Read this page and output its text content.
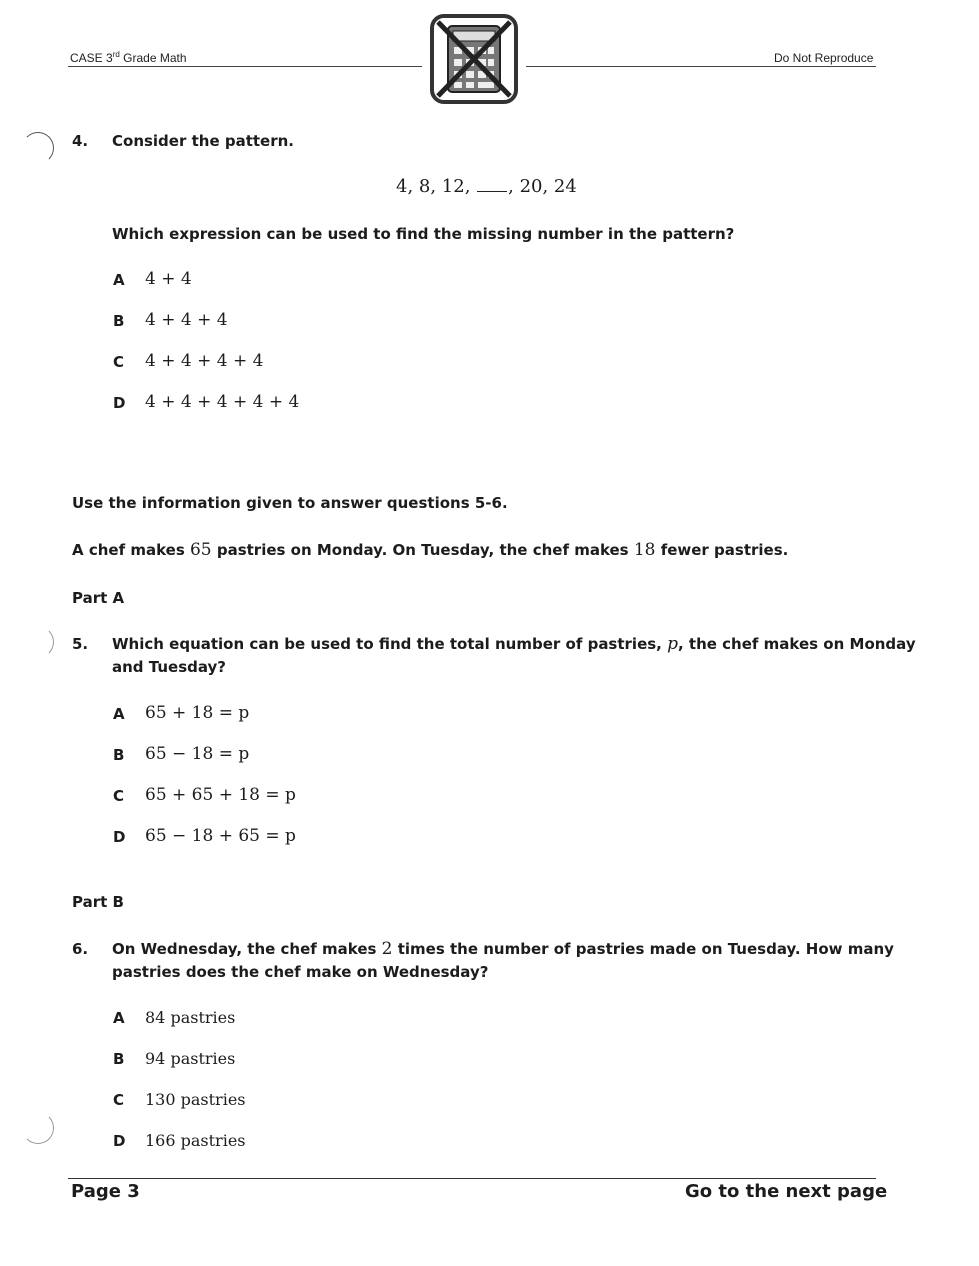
CASE 3rd Grade Math	Do Not Reproduce
4. Consider the pattern.
4, 8, 12, , 20, 24
Which expression can be used to find the missing number in the pattern?
A 4 + 4
B 4 + 4 + 4
C 4 + 4 + 4 + 4
D 4 + 4 + 4 + 4 + 4
Use the information given to answer questions 5-6.
A chef makes 65 pastries on Monday. On Tuesday, the chef makes 18 fewer pastries.
Part A
5. Which equation can be used to find the total number of pastries, p, the chef makes on Monday
and Tuesday?
A 65 + 18 = p
B 65 − 18 = p
C 65 + 65 + 18 = p
D 65 − 18 + 65 = p
Part B
6. On Wednesday, the chef makes 2 times the number of pastries made on Tuesday. How many
pastries does the chef make on Wednesday?
A 84 pastries
B 94 pastries
C 130 pastries
D 166 pastries
Page 3	Go to the next page
